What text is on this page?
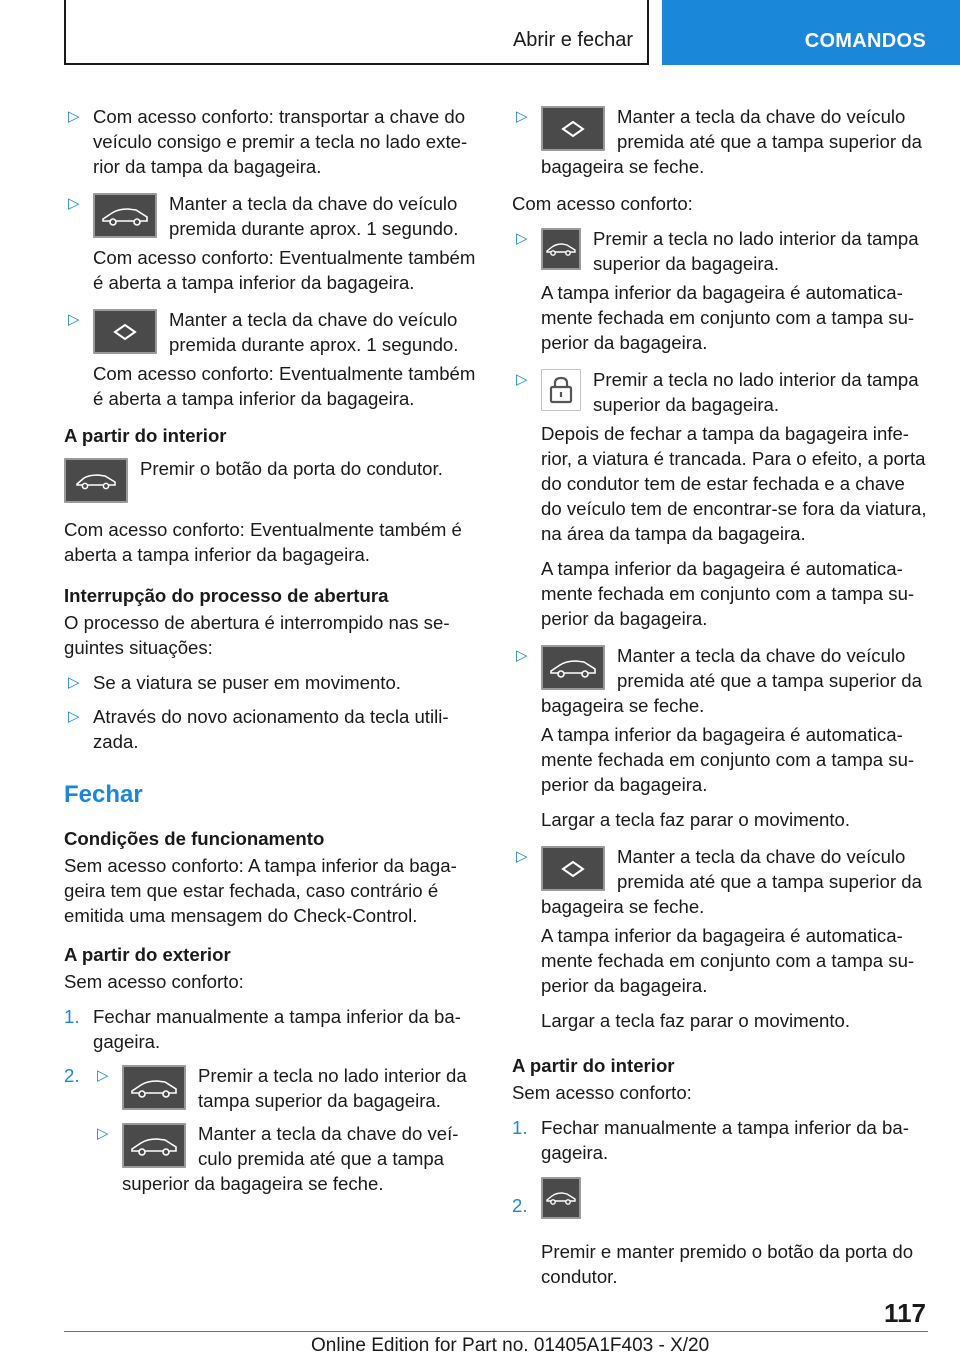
Abrir e fechar	COMANDOS
▷ Com acesso conforto: transportar a chave do veículo consigo e premir a tecla no lado exterior da tampa da bagageira.
▷	Manter a tecla da chave do veículo premida durante aprox. 1 segundo.
Com acesso conforto: Eventualmente também é aberta a tampa inferior da bagageira.
▷	Manter a tecla da chave do veículo premida durante aprox. 1 segundo.
Com acesso conforto: Eventualmente também é aberta a tampa inferior da bagageira.
A partir do interior
Premir o botão da porta do condutor.
Com acesso conforto: Eventualmente também é aberta a tampa inferior da bagageira.
Interrupção do processo de abertura
O processo de abertura é interrompido nas seguintes situações:
▷ Se a viatura se puser em movimento.
▷ Através do novo acionamento da tecla utilizada.
Fechar
Condições de funcionamento
Sem acesso conforto: A tampa inferior da bagageira tem que estar fechada, caso contrário é emitida uma mensagem do Check-Control.
A partir do exterior
Sem acesso conforto:
1. Fechar manualmente a tampa inferior da bagageira.
2. ▷	Premir a tecla no lado interior da tampa superior da bagageira.
▷	Manter a tecla da chave do veículo premida até que a tampa superior da bagageira se feche.
▷	Manter a tecla da chave do veículo premida até que a tampa superior da bagageira se feche.
Com acesso conforto:
▷	Premir a tecla no lado interior da tampa superior da bagageira.
A tampa inferior da bagageira é automaticamente fechada em conjunto com a tampa superior da bagageira.
▷	Premir a tecla no lado interior da tampa superior da bagageira.
Depois de fechar a tampa da bagageira inferior, a viatura é trancada. Para o efeito, a porta do condutor tem de estar fechada e a chave do veículo tem de encontrar-se fora da viatura, na área da tampa da bagageira.
A tampa inferior da bagageira é automaticamente fechada em conjunto com a tampa superior da bagageira.
▷	Manter a tecla da chave do veículo premida até que a tampa superior da bagageira se feche.
A tampa inferior da bagageira é automaticamente fechada em conjunto com a tampa superior da bagageira.
Largar a tecla faz parar o movimento.
▷	Manter a tecla da chave do veículo premida até que a tampa superior da bagageira se feche.
A tampa inferior da bagageira é automaticamente fechada em conjunto com a tampa superior da bagageira.
Largar a tecla faz parar o movimento.
A partir do interior
Sem acesso conforto:
1. Fechar manualmente a tampa inferior da bagageira.
2.
Premir e manter premido o botão da porta do condutor.
117
Online Edition for Part no. 01405A1F403 - X/20
